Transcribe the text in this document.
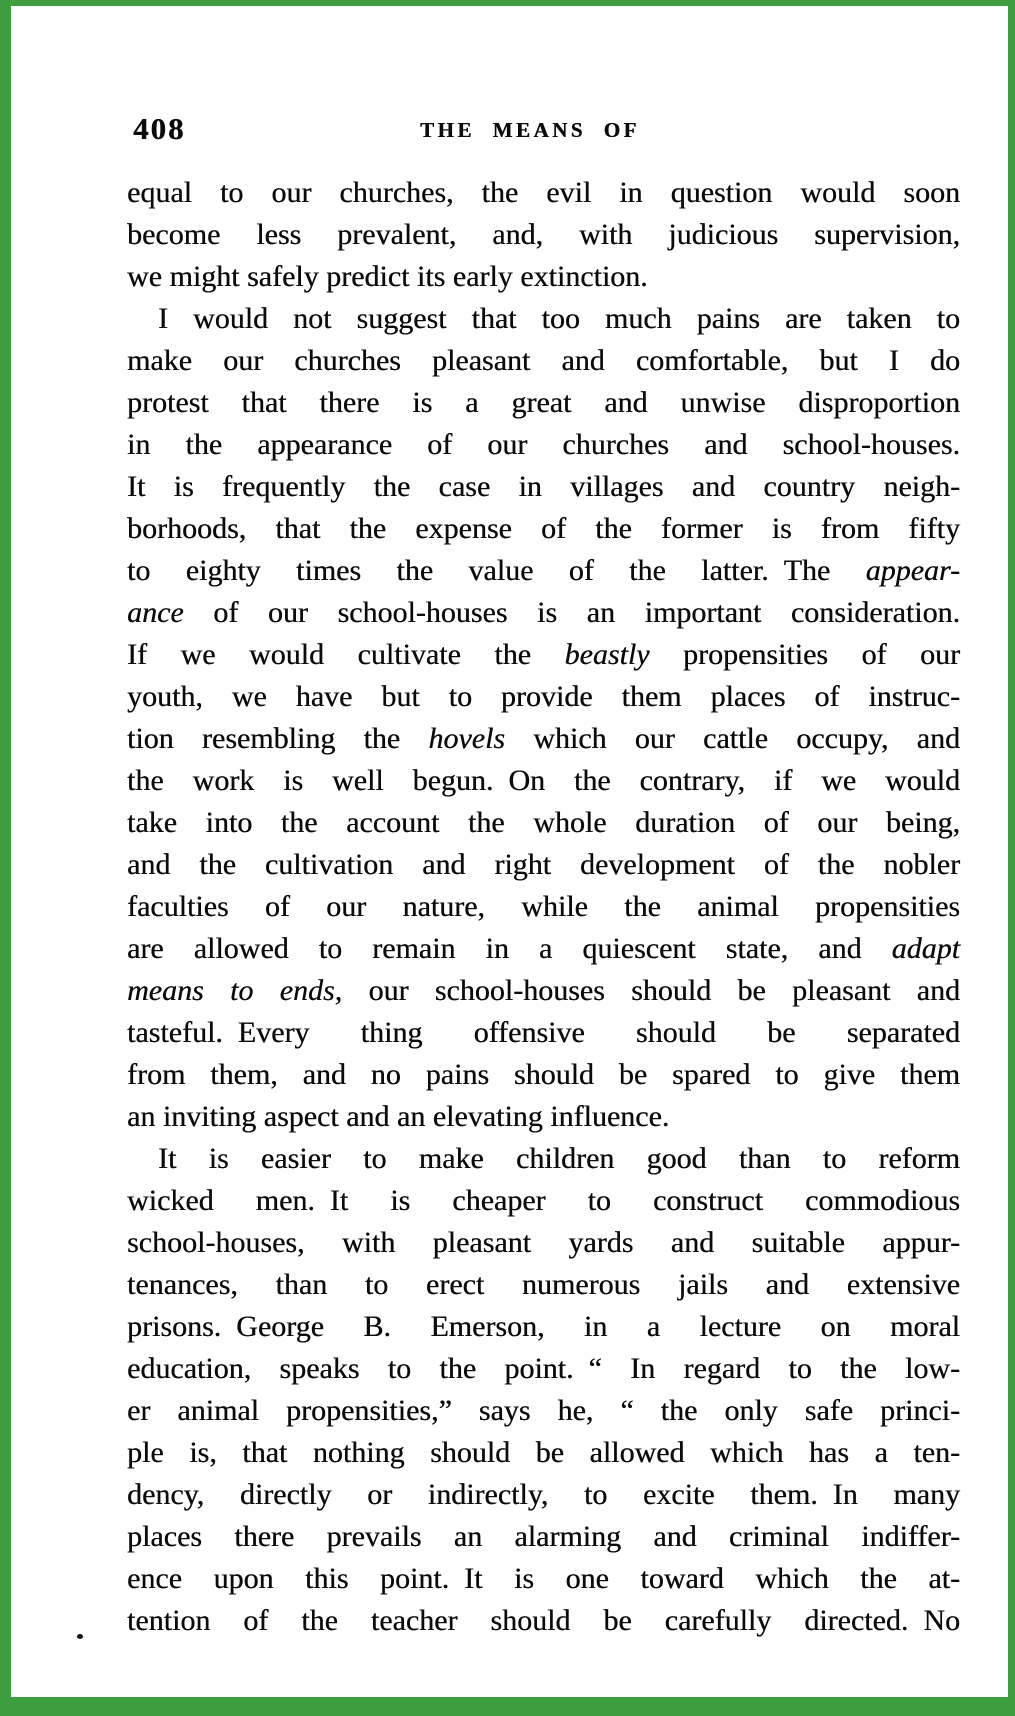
408	THE MEANS OF
equal to our churches, the evil in question would soon
become less prevalent, and, with judicious supervision,
we might safely predict its early extinction.
I would not suggest that too much pains are taken to
make our churches pleasant and comfortable, but I do
protest that there is a great and unwise disproportion
in the appearance of our churches and school-houses.
It is frequently the case in villages and country neigh-
borhoods, that the expense of the former is from fifty
to eighty times the value of the latter. The appear-
ance of our school-houses is an important consideration.
If we would cultivate the beastly propensities of our
youth, we have but to provide them places of instruc-
tion resembling the hovels which our cattle occupy, and
the work is well begun. On the contrary, if we would
take into the account the whole duration of our being,
and the cultivation and right development of the nobler
faculties of our nature, while the animal propensities
are allowed to remain in a quiescent state, and adapt
means to ends, our school-houses should be pleasant and
tasteful. Every thing offensive should be separated
from them, and no pains should be spared to give them
an inviting aspect and an elevating influence.
It is easier to make children good than to reform
wicked men. It is cheaper to construct commodious
school-houses, with pleasant yards and suitable appur-
tenances, than to erect numerous jails and extensive
prisons. George B. Emerson, in a lecture on moral
education, speaks to the point. “ In regard to the low-
er animal propensities,” says he, “ the only safe princi-
ple is, that nothing should be allowed which has a ten-
dency, directly or indirectly, to excite them. In many
places there prevails an alarming and criminal indiffer-
ence upon this point. It is one toward which the at-
tention of the teacher should be carefully directed. No
